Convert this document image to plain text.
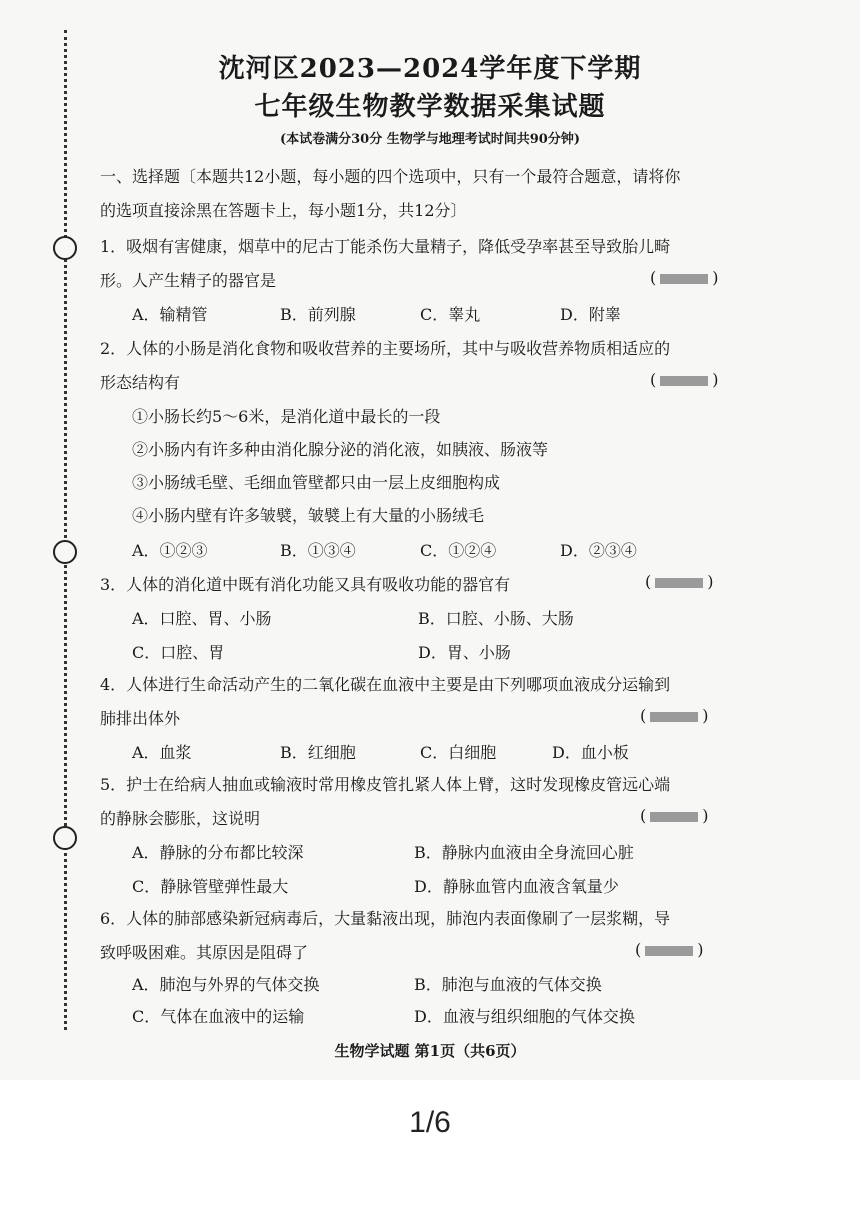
沈河区2023—2024学年度下学期
七年级生物教学数据采集试题
(本试卷满分30分 生物学与地理考试时间共90分钟)
一、选择题〔本题共12小题，每小题的四个选项中，只有一个最符合题意，请将你
的选项直接涂黑在答题卡上，每小题1分，共12分〕
1．吸烟有害健康，烟草中的尼古丁能杀伤大量精子，降低受孕率甚至导致胎儿畸
形。人产生精子的器官是	(	)
A．输精管	B．前列腺	C．睾丸	D．附睾
2．人体的小肠是消化食物和吸收营养的主要场所，其中与吸收营养物质相适应的
形态结构有	(	)
①小肠长约5～6米，是消化道中最长的一段
②小肠内有许多种由消化腺分泌的消化液，如胰液、肠液等
③小肠绒毛壁、毛细血管壁都只由一层上皮细胞构成
④小肠内壁有许多皱襞，皱襞上有大量的小肠绒毛
A．①②③	B．①③④	C．①②④	D．②③④
3．人体的消化道中既有消化功能又具有吸收功能的器官有	(	)
A．口腔、胃、小肠	B．口腔、小肠、大肠
C．口腔、胃	D．胃、小肠
4．人体进行生命活动产生的二氧化碳在血液中主要是由下列哪项血液成分运输到
肺排出体外	(	)
A．血浆	B．红细胞	C．白细胞	D．血小板
5．护士在给病人抽血或输液时常用橡皮管扎紧人体上臂，这时发现橡皮管远心端
的静脉会膨胀，这说明	(	)
A．静脉的分布都比较深	B．静脉内血液由全身流回心脏
C．静脉管壁弹性最大	D．静脉血管内血液含氧量少
6．人体的肺部感染新冠病毒后，大量黏液出现，肺泡内表面像刷了一层浆糊，导
致呼吸困难。其原因是阻碍了	(	)
A．肺泡与外界的气体交换	B．肺泡与血液的气体交换
C．气体在血液中的运输	D．血液与组织细胞的气体交换
生物学试题 第1页（共6页）
1/6
